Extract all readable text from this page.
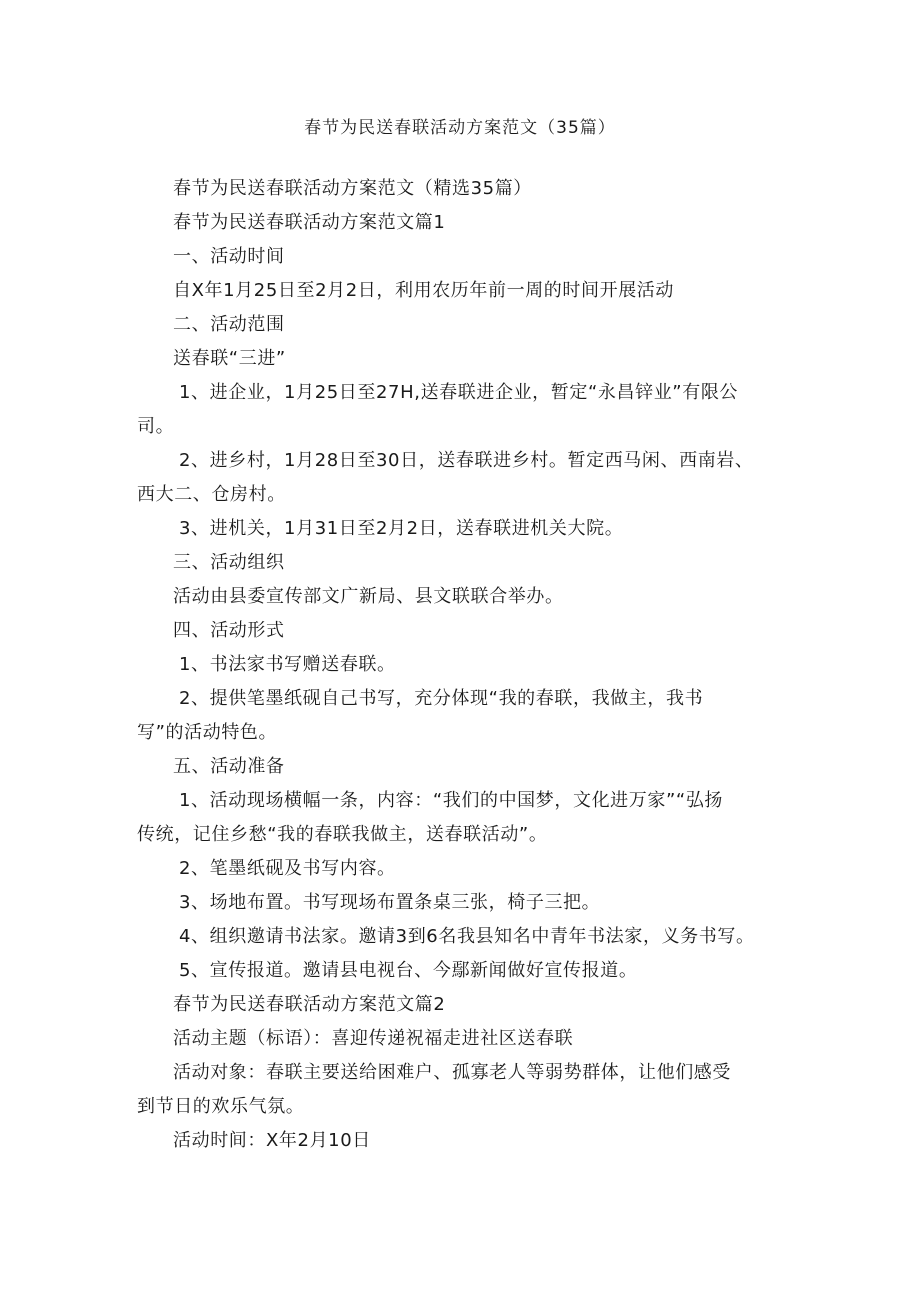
春节为民送春联活动方案范文（35篇）

春节为民送春联活动方案范文（精选35篇）

春节为民送春联活动方案范文篇1

一、活动时间

自X年1月25日至2月2日，利用农历年前一周的时间开展活动

二、活动范围

送春联“三进”

1、进企业，1月25日至27H,送春联进企业，暂定“永昌锌业”有限公

司。

2、进乡村，1月28日至30日，送春联进乡村。暂定西马闲、西南岩、

西大二、仓房村。

3、进机关，1月31日至2月2日，送春联进机关大院。

三、活动组织

活动由县委宣传部文广新局、县文联联合举办。

四、活动形式

1、书法家书写赠送春联。

2、提供笔墨纸砚自己书写，充分体现“我的春联，我做主，我书

写”的活动特色。

五、活动准备

1、活动现场横幅一条，内容：“我们的中国梦，文化进万家”“弘扬

传统，记住乡愁“我的春联我做主，送春联活动”。

2、笔墨纸砚及书写内容。

3、场地布置。书写现场布置条桌三张，椅子三把。

4、组织邀请书法家。邀请3到6名我县知名中青年书法家，义务书写。

5、宣传报道。邀请县电视台、今鄢新闻做好宣传报道。

春节为民送春联活动方案范文篇2

活动主题（标语）：喜迎传递祝福走进社区送春联

活动对象：春联主要送给困难户、孤寡老人等弱势群体，让他们感受

到节日的欢乐气氛。

活动时间：X年2月10日
